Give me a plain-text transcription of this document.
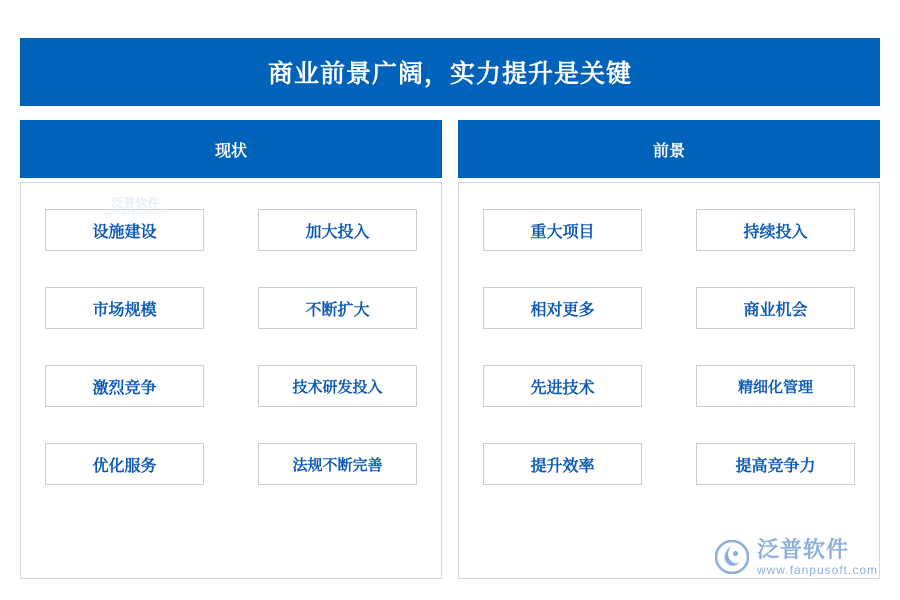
商业前景广阔，实力提升是关键
现状
泛普软件
www.fanpusoft.com
设施建设	加大投入
市场规模	不断扩大
激烈竞争	技术研发投入
优化服务	法规不断完善
前景
重大项目	持续投入
相对更多	商业机会
先进技术	精细化管理
提升效率	提高竞争力
泛普软件
www.fanpusoft.com
